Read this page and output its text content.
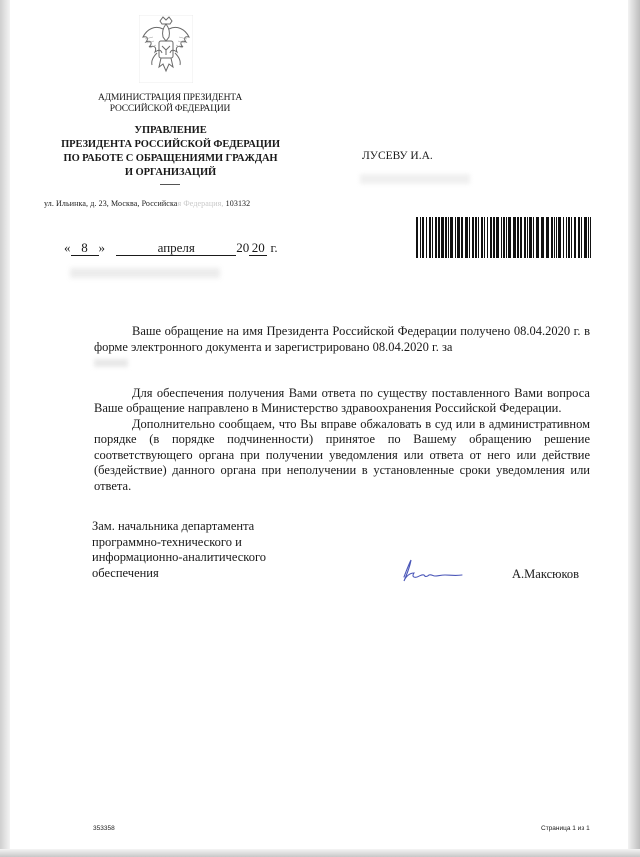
АДМИНИСТРАЦИЯ ПРЕЗИДЕНТА
РОССИЙСКОЙ ФЕДЕРАЦИИ
УПРАВЛЕНИЕ
ПРЕЗИДЕНТА РОССИЙСКОЙ ФЕДЕРАЦИИ
ПО РАБОТЕ С ОБРАЩЕНИЯМИ ГРАЖДАН
И ОРГАНИЗАЦИЙ
ул. Ильинка, д. 23, Москва, Российская Федерация, 103132
ЛУСЕВУ И.А.
« 8 »	апреля	20 20 г.

Ваше обращение на имя Президента Российской Федерации получено 08.04.2020 г. в форме электронного документа и зарегистрировано 08.04.2020 г. за

Для обеспечения получения Вами ответа по существу поставленного Вами вопроса Ваше обращение направлено в Министерство здравоохранения Российской Федерации.

Дополнительно сообщаем, что Вы вправе обжаловать в суд или в административном порядке (в порядке подчиненности) принятое по Вашему обращению решение соответствующего органа при получении уведомления или ответа от него или действие (бездействие) данного органа при неполучении в установленные сроки уведомления или ответа.

Зам. начальника департамента
программно-технического и
информационно-аналитического
обеспечения	А.Максюков
353358	Страница 1 из 1
